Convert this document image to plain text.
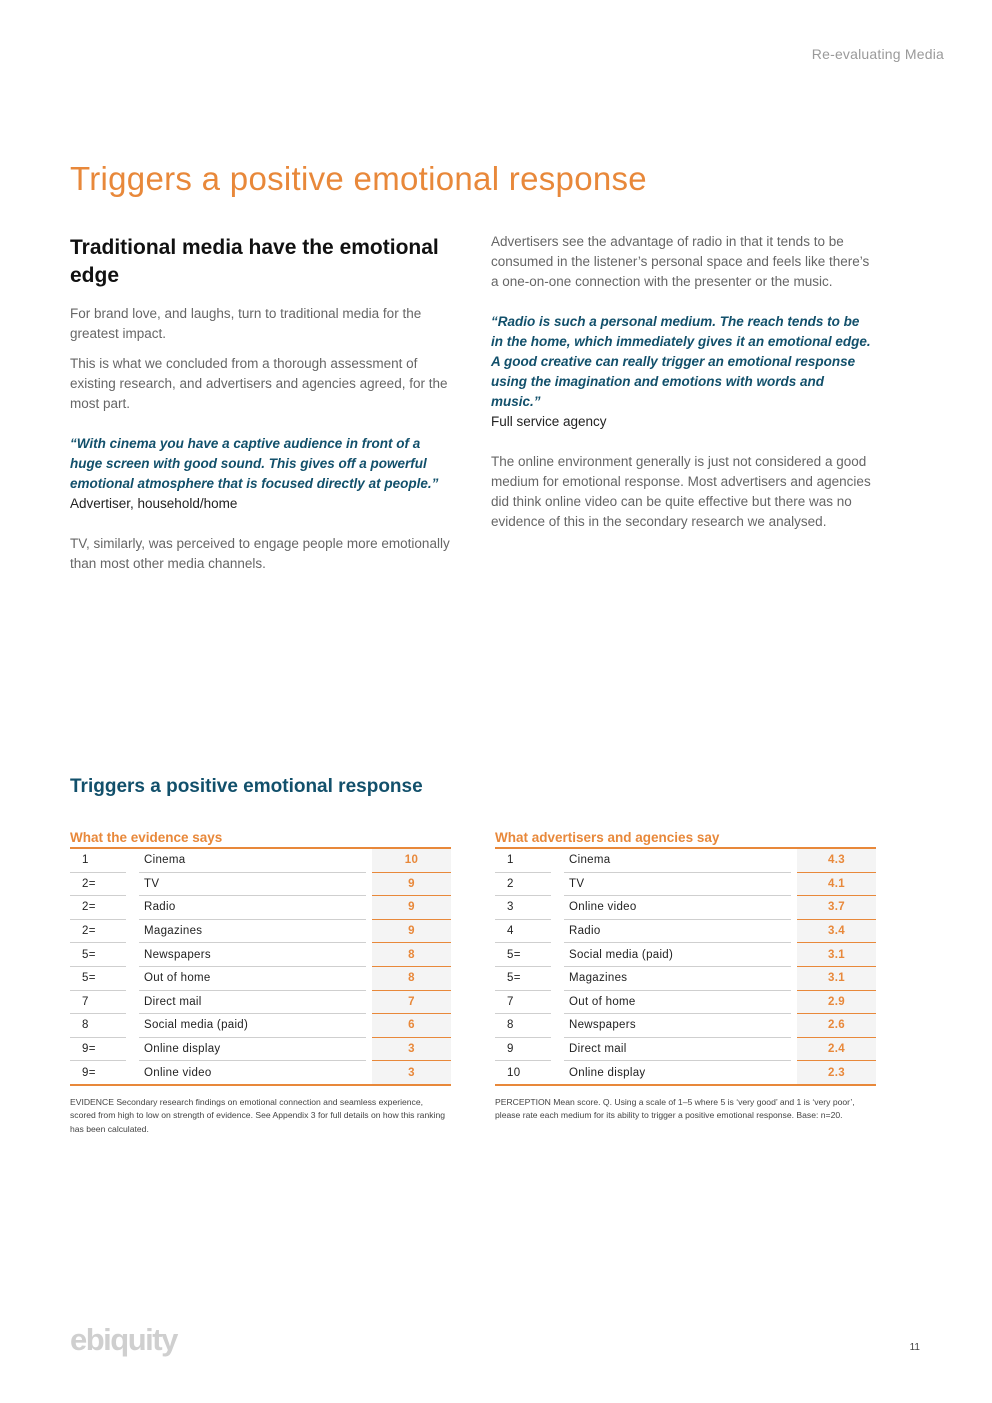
Re-evaluating Media
Triggers a positive emotional response
Traditional media have the emotional edge

For brand love, and laughs, turn to traditional media for the greatest impact.

This is what we concluded from a thorough assessment of existing research, and advertisers and agencies agreed, for the most part.

“With cinema you have a captive audience in front of a huge screen with good sound. This gives off a powerful emotional atmosphere that is focused directly at people.”

Advertiser, household/home

TV, similarly, was perceived to engage people more emotionally than most other media channels.

Advertisers see the advantage of radio in that it tends to be consumed in the listener’s personal space and feels like there’s a one-on-one connection with the presenter or the music.

“Radio is such a personal medium. The reach tends to be in the home, which immediately gives it an emotional edge. A good creative can really trigger an emotional response using the imagination and emotions with words and music.”

Full service agency

The online environment generally is just not considered a good medium for emotional response. Most advertisers and agencies did think online video can be quite effective but there was no evidence of this in the secondary research we analysed.

Triggers a positive emotional response
What the evidence says
1		Cinema		10
2=		TV		9
2=		Radio		9
2=		Magazines		9
5=		Newspapers		8
5=		Out of home		8
7		Direct mail		7
8		Social media (paid)		6
9=		Online display		3
9=		Online video		3
EVIDENCE Secondary research findings on emotional connection and seamless experience, scored from high to low on strength of evidence. See Appendix 3 for full details on how this ranking has been calculated.
What advertisers and agencies say
1		Cinema		4.3
2		TV		4.1
3		Online video		3.7
4		Radio		3.4
5=		Social media (paid)		3.1
5=		Magazines		3.1
7		Out of home		2.9
8		Newspapers		2.6
9		Direct mail		2.4
10		Online display		2.3
PERCEPTION Mean score. Q. Using a scale of 1–5 where 5 is ‘very good’ and 1 is ‘very poor’, please rate each medium for its ability to trigger a positive emotional response. Base: n=20.
ebiquity	11
